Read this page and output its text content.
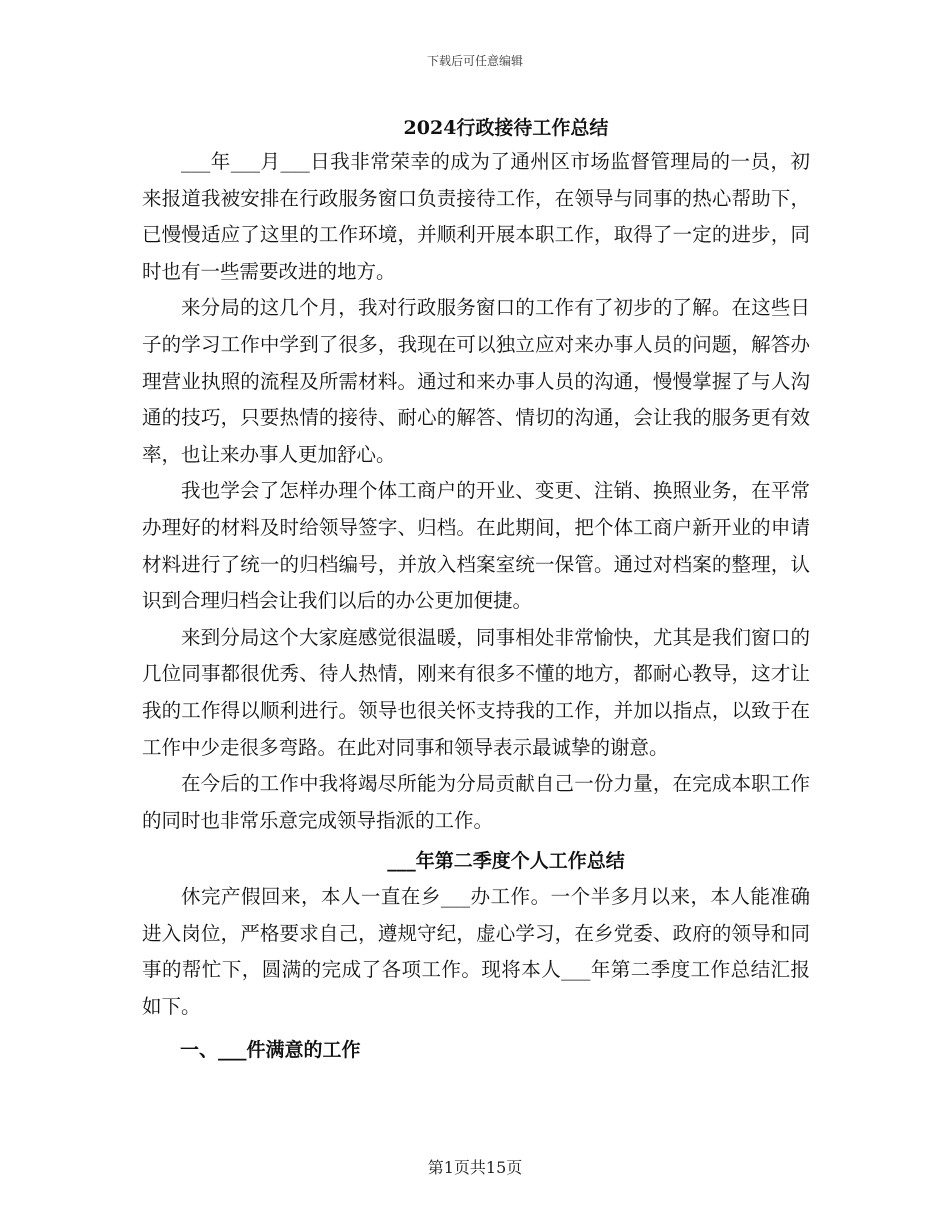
下载后可任意编辑
2024行政接待工作总结

___年___月___日我非常荣幸的成为了通州区市场监督管理局的一员，初来报道我被安排在行政服务窗口负责接待工作，在领导与同事的热心帮助下，已慢慢适应了这里的工作环境，并顺利开展本职工作，取得了一定的进步，同时也有一些需要改进的地方。

来分局的这几个月，我对行政服务窗口的工作有了初步的了解。在这些日子的学习工作中学到了很多，我现在可以独立应对来办事人员的问题，解答办理营业执照的流程及所需材料。通过和来办事人员的沟通，慢慢掌握了与人沟通的技巧，只要热情的接待、耐心的解答、情切的沟通，会让我的服务更有效率，也让来办事人更加舒心。

我也学会了怎样办理个体工商户的开业、变更、注销、换照业务，在平常办理好的材料及时给领导签字、归档。在此期间，把个体工商户新开业的申请材料进行了统一的归档编号，并放入档案室统一保管。通过对档案的整理，认识到合理归档会让我们以后的办公更加便捷。

来到分局这个大家庭感觉很温暖，同事相处非常愉快，尤其是我们窗口的几位同事都很优秀、待人热情，刚来有很多不懂的地方，都耐心教导，这才让我的工作得以顺利进行。领导也很关怀支持我的工作，并加以指点，以致于在工作中少走很多弯路。在此对同事和领导表示最诚挚的谢意。

在今后的工作中我将竭尽所能为分局贡献自己一份力量，在完成本职工作的同时也非常乐意完成领导指派的工作。

___年第二季度个人工作总结

休完产假回来，本人一直在乡___办工作。一个半多月以来，本人能准确进入岗位，严格要求自己，遵规守纪，虚心学习，在乡党委、政府的领导和同事的帮忙下，圆满的完成了各项工作。现将本人___年第二季度工作总结汇报如下。

一、___件满意的工作
第1页共15页
